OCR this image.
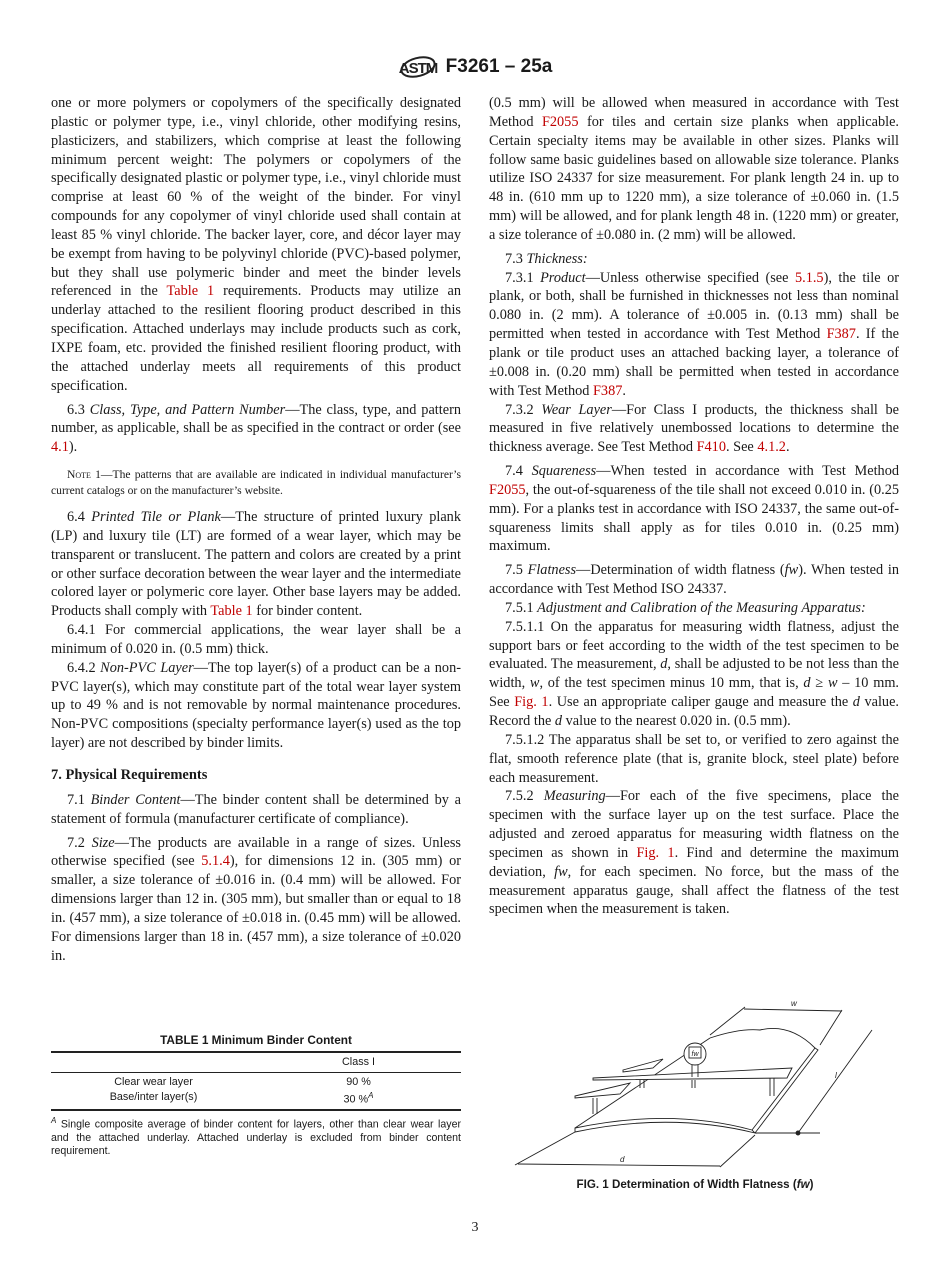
ASTM F3261 – 25a

one or more polymers or copolymers of the specifically designated plastic or polymer type, i.e., vinyl chloride, other modifying resins, plasticizers, and stabilizers, which comprise at least the following minimum percent weight: The polymers or copolymers of the specifically designated plastic or polymer type, i.e., vinyl chloride must comprise at least 60 % of the weight of the binder. For vinyl compounds for any copolymer of vinyl chloride used shall contain at least 85 % vinyl chloride. The backer layer, core, and décor layer may be exempt from having to be polyvinyl chloride (PVC)-based polymer, but they shall use polymeric binder and meet the binder levels referenced in the Table 1 requirements. Products may utilize an underlay attached to the resilient flooring product described in this specification. Attached underlays may include products such as cork, IXPE foam, etc. provided the finished resilient flooring product, with the attached underlay meets all requirements of this product specification.

6.3 Class, Type, and Pattern Number—The class, type, and pattern number, as applicable, shall be as specified in the contract or order (see 4.1).

Note 1—The patterns that are available are indicated in individual manufacturer’s current catalogs or on the manufacturer’s website.

6.4 Printed Tile or Plank—The structure of printed luxury plank (LP) and luxury tile (LT) are formed of a wear layer, which may be transparent or translucent. The pattern and colors are created by a print or other surface decoration between the wear layer and the intermediate colored layer or polymeric core layer. Other base layers may be added. Products shall comply with Table 1 for binder content.

6.4.1 For commercial applications, the wear layer shall be a minimum of 0.020 in. (0.5 mm) thick.

6.4.2 Non-PVC Layer—The top layer(s) of a product can be a non-PVC layer(s), which may constitute part of the total wear layer system up to 49 % and is not removable by normal maintenance procedures. Non-PVC compositions (specialty performance layer(s) used as the top layer) are not described by binder limits.

7. Physical Requirements

7.1 Binder Content—The binder content shall be determined by a statement of formula (manufacturer certificate of compliance).

7.2 Size—The products are available in a range of sizes. Unless otherwise specified (see 5.1.4), for dimensions 12 in. (305 mm) or smaller, a size tolerance of ±0.016 in. (0.4 mm) will be allowed. For dimensions larger than 12 in. (305 mm), but smaller than or equal to 18 in. (457 mm), a size tolerance of ±0.018 in. (0.45 mm) will be allowed. For dimensions larger than 18 in. (457 mm), a size tolerance of ±0.020 in.

(0.5 mm) will be allowed when measured in accordance with Test Method F2055 for tiles and certain size planks when applicable. Certain specialty items may be available in other sizes. Planks will follow same basic guidelines based on allowable size tolerance. Planks utilize ISO 24337 for size measurement. For plank length 24 in. up to 48 in. (610 mm up to 1220 mm), a size tolerance of ±0.060 in. (1.5 mm) will be allowed, and for plank length 48 in. (1220 mm) or greater, a size tolerance of ±0.080 in. (2 mm) will be allowed.

7.3 Thickness:

7.3.1 Product—Unless otherwise specified (see 5.1.5), the tile or plank, or both, shall be furnished in thicknesses not less than nominal 0.080 in. (2 mm). A tolerance of ±0.005 in. (0.13 mm) shall be permitted when tested in accordance with Test Method F387. If the plank or tile product uses an attached backing layer, a tolerance of ±0.008 in. (0.20 mm) shall be permitted when tested in accordance with Test Method F387.

7.3.2 Wear Layer—For Class I products, the thickness shall be measured in five relatively unembossed locations to determine the thickness average. See Test Method F410. See 4.1.2.

7.4 Squareness—When tested in accordance with Test Method F2055, the out-of-squareness of the tile shall not exceed 0.010 in. (0.25 mm). For a planks test in accordance with ISO 24337, the same out-of-squareness limits shall apply as for tiles 0.010 in. (0.25 mm) maximum.

7.5 Flatness—Determination of width flatness (fw). When tested in accordance with Test Method ISO 24337.

7.5.1 Adjustment and Calibration of the Measuring Apparatus:

7.5.1.1 On the apparatus for measuring width flatness, adjust the support bars or feet according to the width of the test specimen to be evaluated. The measurement, d, shall be adjusted to be not less than the width, w, of the test specimen minus 10 mm, that is, d ≥ w – 10 mm. See Fig. 1. Use an appropriate caliper gauge and measure the d value. Record the d value to the nearest 0.020 in. (0.5 mm).

7.5.1.2 The apparatus shall be set to, or verified to zero against the flat, smooth reference plate (that is, granite block, steel plate) before each measurement.

7.5.2 Measuring—For each of the five specimens, place the specimen with the surface layer up on the test surface. Place the adjusted and zeroed apparatus for measuring width flatness on the specimen as shown in Fig. 1. Find and determine the maximum deviation, fw, for each specimen. No force, but the mass of the measurement apparatus gauge, shall affect the flatness of the test specimen when the measurement is taken.

TABLE 1 Minimum Binder Content
	Class I
Clear wear layer	90 %
Base/inter layer(s)	30 %$^A$
$^A$ Single composite average of binder content for layers, other than clear wear layer and the attached underlay. Attached underlay is excluded from binder content requirement.
fw
w
l
d
FIG. 1 Determination of Width Flatness (fw)
3
